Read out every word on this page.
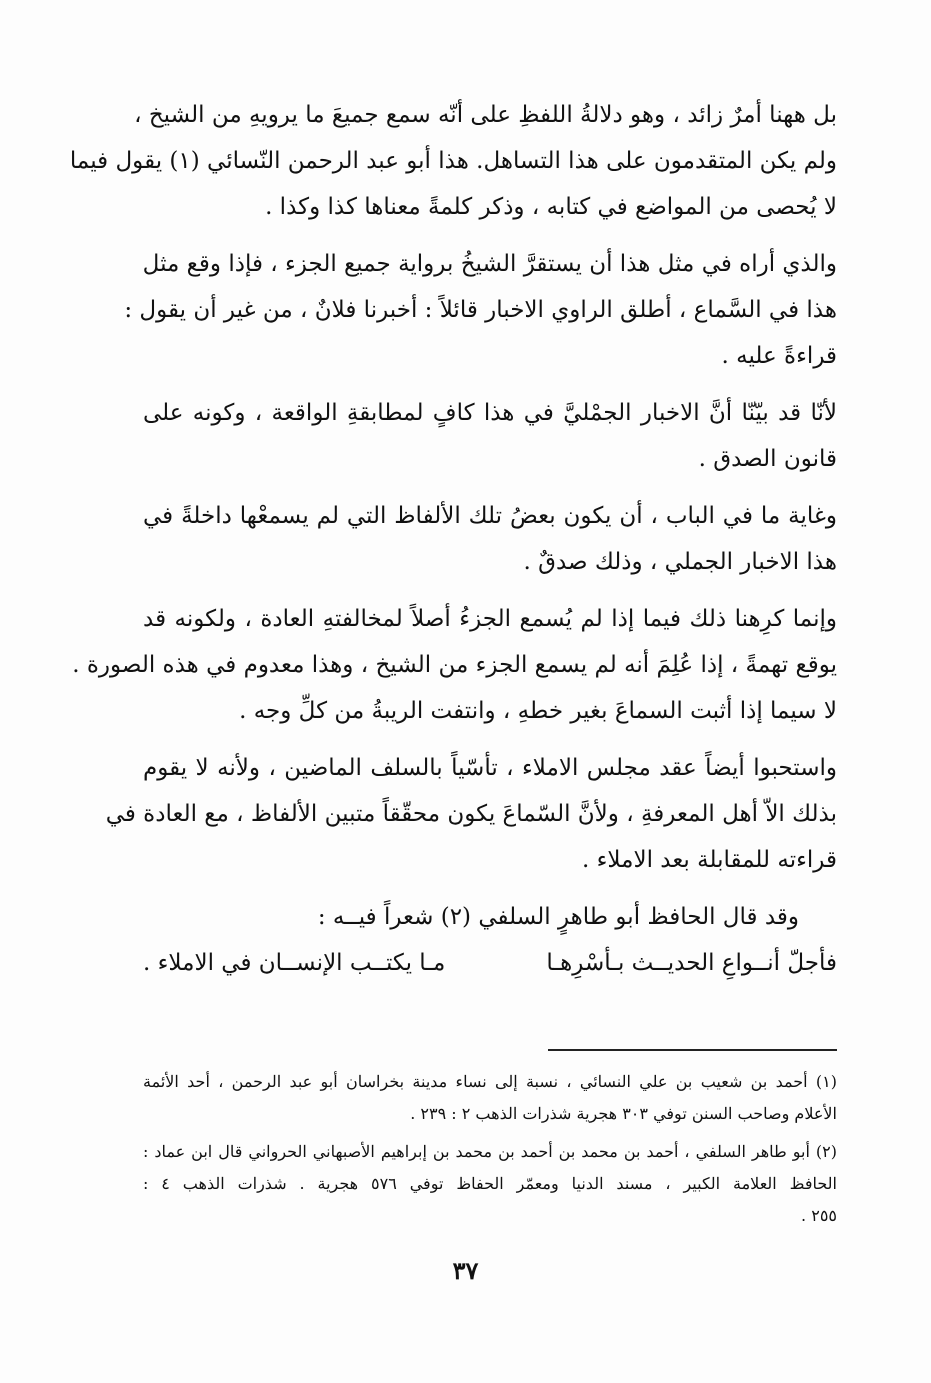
بل ههنا أمرٌ زائد ، وهو دلالةُ اللفظِ على أنّه سمع جميعَ ما يرويهِ من الشيخ ،
ولم يكن المتقدمون على هذا التساهل. هذا أبو عبد الرحمن النّسائي (١) يقول فيما
لا يُحصى من المواضع في كتابه ، وذكر كلمةً معناها كذا وكذا .
والذي أراه في مثل هذا أن يستقرَّ الشيخُ برواية جميع الجزء ، فإذا وقع مثل
هذا في السَّماع ، أطلق الراوي الاخبار قائلاً : أخبرنا فلانٌ ، من غير أن يقول :
قراءةً عليه .
لأنّا قد بيّنّا أنَّ الاخبار الجمْليَّ في هذا كافٍ لمطابقةِ الواقعة ، وكونه على
قانون الصدق .
وغاية ما في الباب ، أن يكون بعضُ تلك الألفاظ التي لم يسمعْها داخلةً في
هذا الاخبار الجملي ، وذلك صدقٌ .
وإنما كرِهنا ذلك فيما إذا لم يُسمع الجزءُ أصلاً لمخالفتهِ العادة ، ولكونه قد
يوقع تهمةً ، إذا عُلِمَ أنه لم يسمع الجزء من الشيخ ، وهذا معدوم في هذه الصورة .
لا سيما إذا أثبت السماعَ بغير خطهِ ، وانتفت الريبةُ من كلِّ وجه .
واستحبوا أيضاً عقد مجلس الاملاء ، تأسّياً بالسلف الماضين ، ولأنه لا يقوم
بذلك الاّ أهل المعرفةِ ، ولأنَّ السّماعَ يكون محقّقاً متبين الألفاظ ، مع العادة في
قراءته للمقابلة بعد الاملاء .
وقد قال الحافظ أبو طاهرٍ السلفي (٢) شعراً فيــه :
فأجلّ أنــواعِ الحديــث بـأسْرِهـا
مـا يكتــب الإنســان في الاملاء .
(١) أحمد بن شعيب بن علي النسائي ، نسبة إلى نساء مدينة بخراسان أبو عبد الرحمن ، أحد الأئمة
الأعلام وصاحب السنن توفي ٣٠٣ هجرية شذرات الذهب ٢ : ٢٣٩ .
(٢) أبو طاهر السلفي ، أحمد بن محمد بن أحمد بن محمد بن إبراهيم الأصبهاني الحرواني قال ابن عماد :
الحافظ العلامة الكبير ، مسند الدنيا ومعمّر الحفاظ توفي ٥٧٦ هجرية . شذرات الذهب ٤ :
٢٥٥ .
٣٧
